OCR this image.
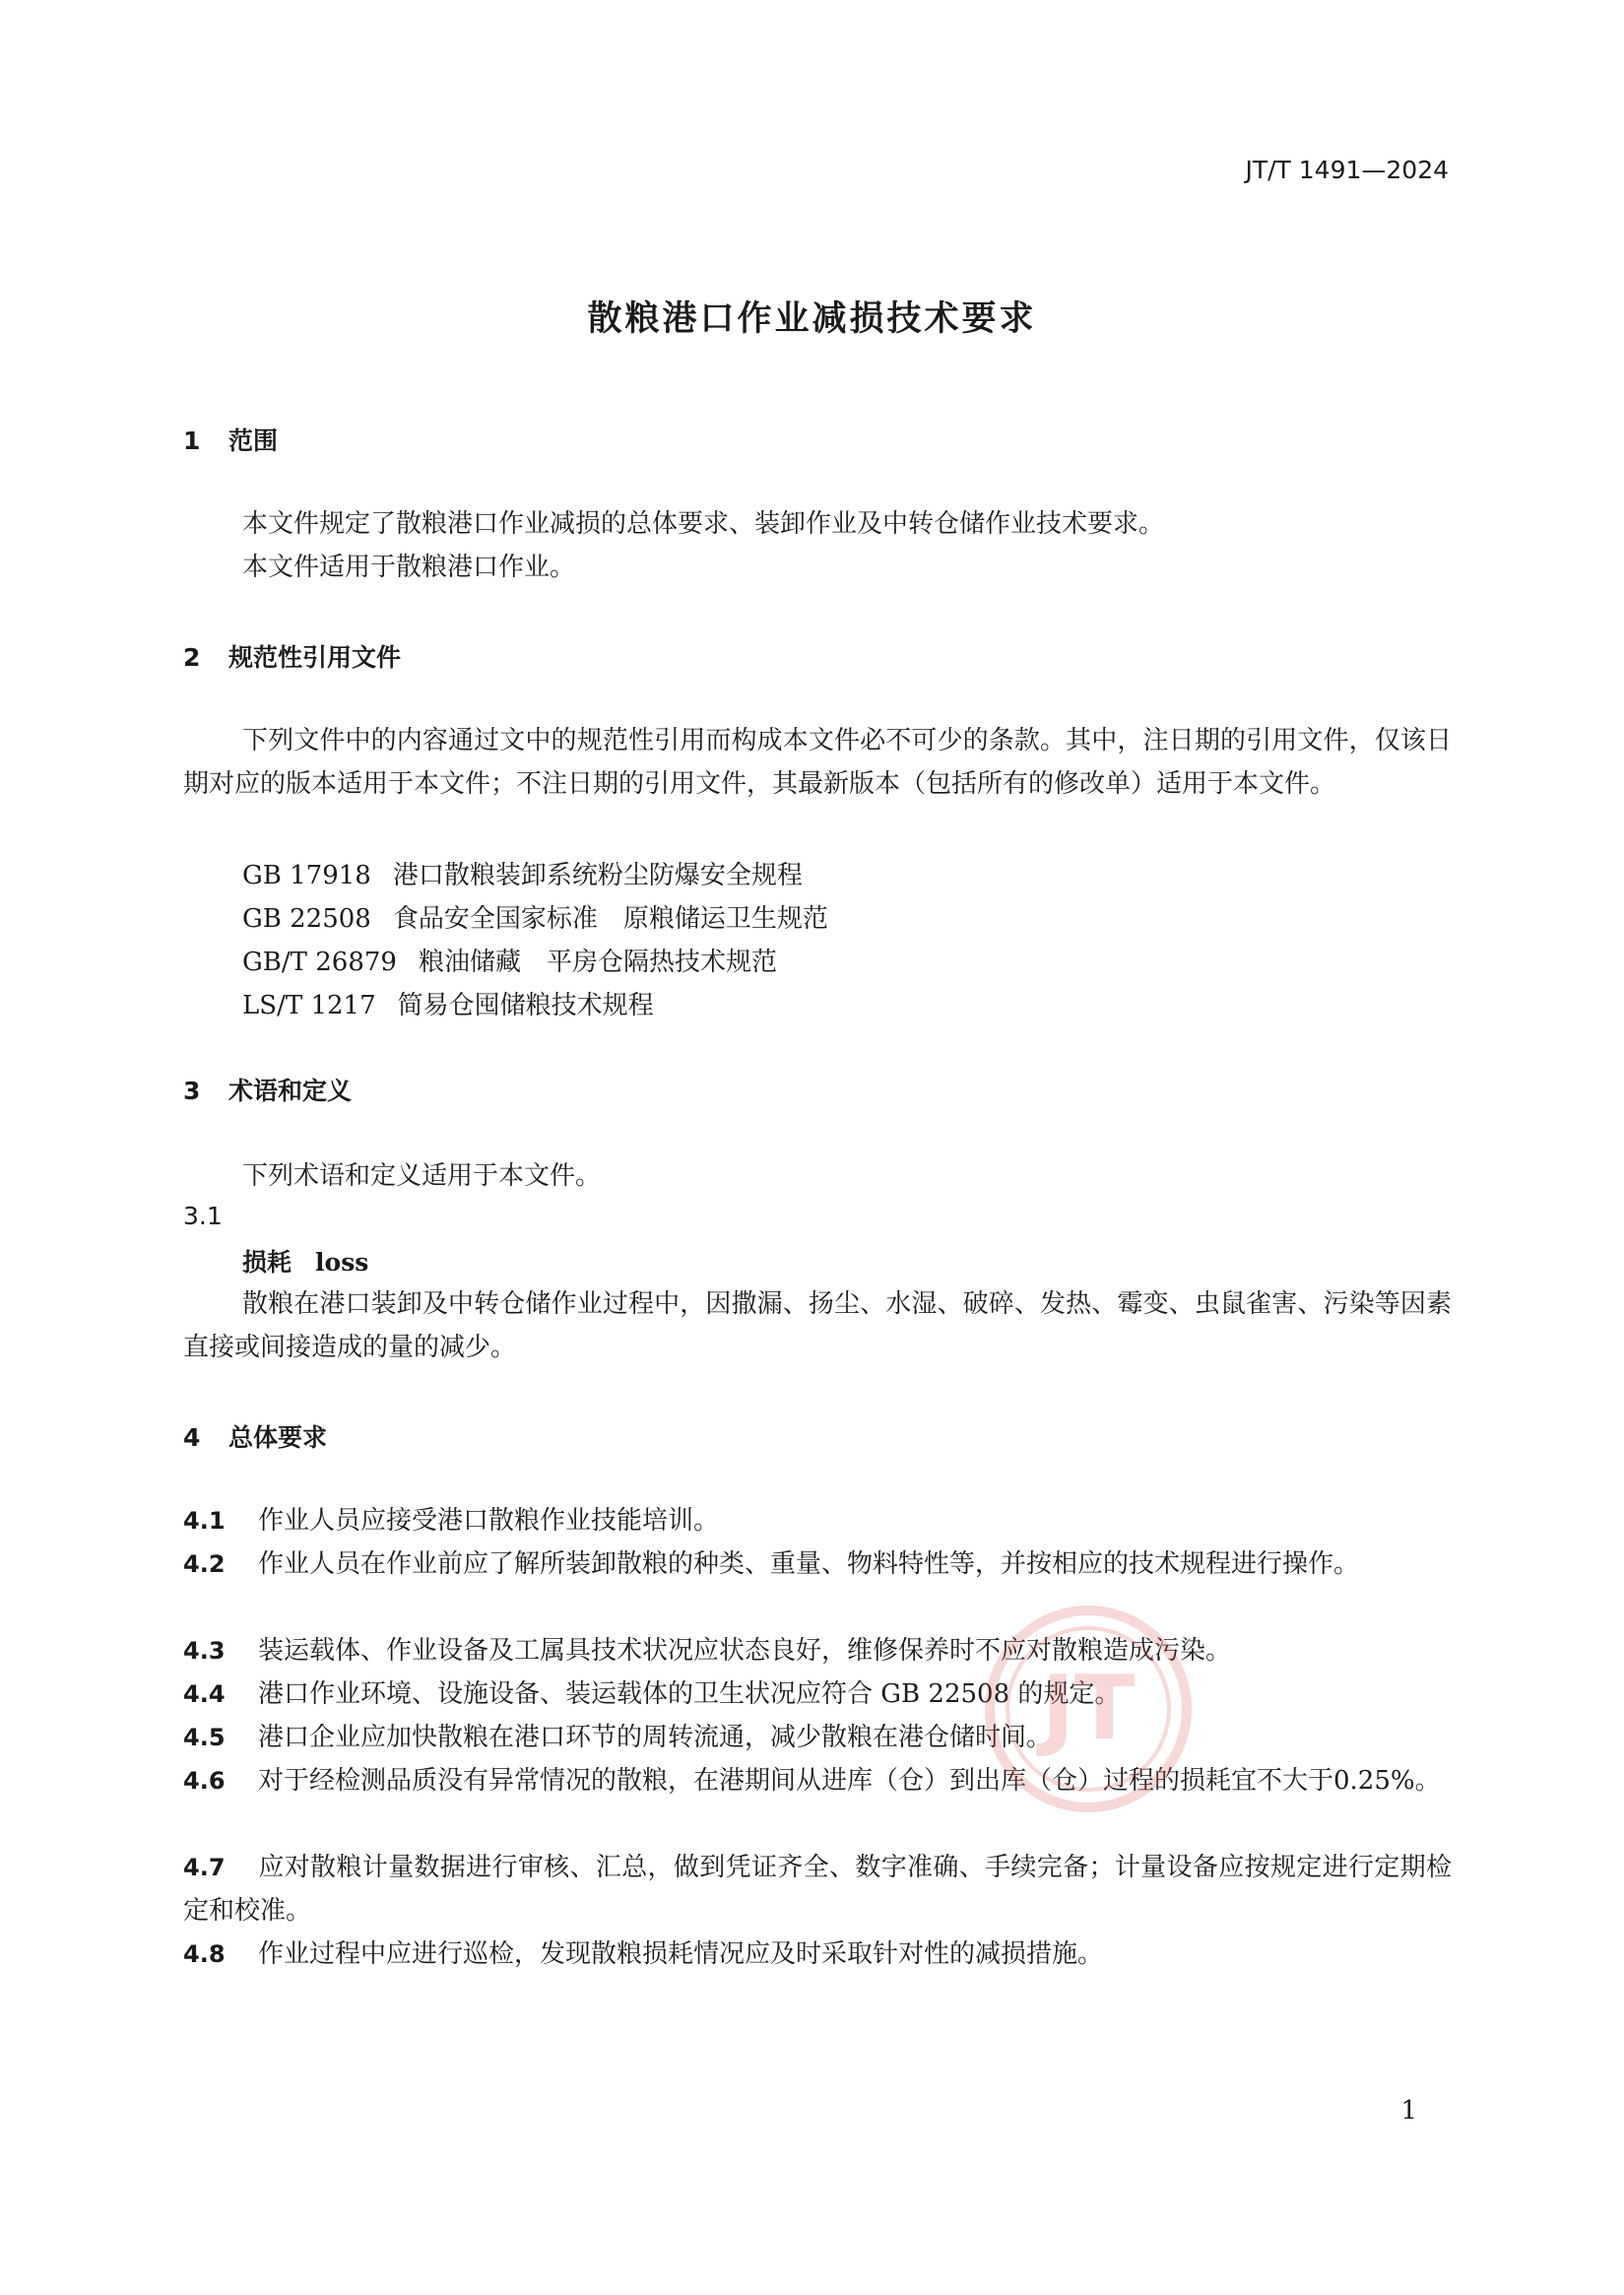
JT/T 1491—2024
散粮港口作业减损技术要求
1 范围
本文件规定了散粮港口作业减损的总体要求、装卸作业及中转仓储作业技术要求。
本文件适用于散粮港口作业。
2 规范性引用文件
下列文件中的内容通过文中的规范性引用而构成本文件必不可少的条款。其中，注日期的引用文件，仅该日期对应的版本适用于本文件；不注日期的引用文件，其最新版本（包括所有的修改单）适用于本文件。
GB 17918 港口散粮装卸系统粉尘防爆安全规程
GB 22508 食品安全国家标准　原粮储运卫生规范
GB/T 26879 粮油储藏　平房仓隔热技术规范
LS/T 1217 简易仓囤储粮技术规程
3 术语和定义
下列术语和定义适用于本文件。
3.1
损耗 loss
散粮在港口装卸及中转仓储作业过程中，因撒漏、扬尘、水湿、破碎、发热、霉变、虫鼠雀害、污染等因素直接或间接造成的量的减少。
4 总体要求
4.1 作业人员应接受港口散粮作业技能培训。
4.2 作业人员在作业前应了解所装卸散粮的种类、重量、物料特性等，并按相应的技术规程进行操作。
4.3 装运载体、作业设备及工属具技术状况应状态良好，维修保养时不应对散粮造成污染。
4.4 港口作业环境、设施设备、装运载体的卫生状况应符合 GB 22508 的规定。
4.5 港口企业应加快散粮在港口环节的周转流通，减少散粮在港仓储时间。
4.6 对于经检测品质没有异常情况的散粮，在港期间从进库（仓）到出库（仓）过程的损耗宜不大于0.25%。
4.7 应对散粮计量数据进行审核、汇总，做到凭证齐全、数字准确、手续完备；计量设备应按规定进行定期检定和校准。
4.8 作业过程中应进行巡检，发现散粮损耗情况应及时采取针对性的减损措施。
JT
1
